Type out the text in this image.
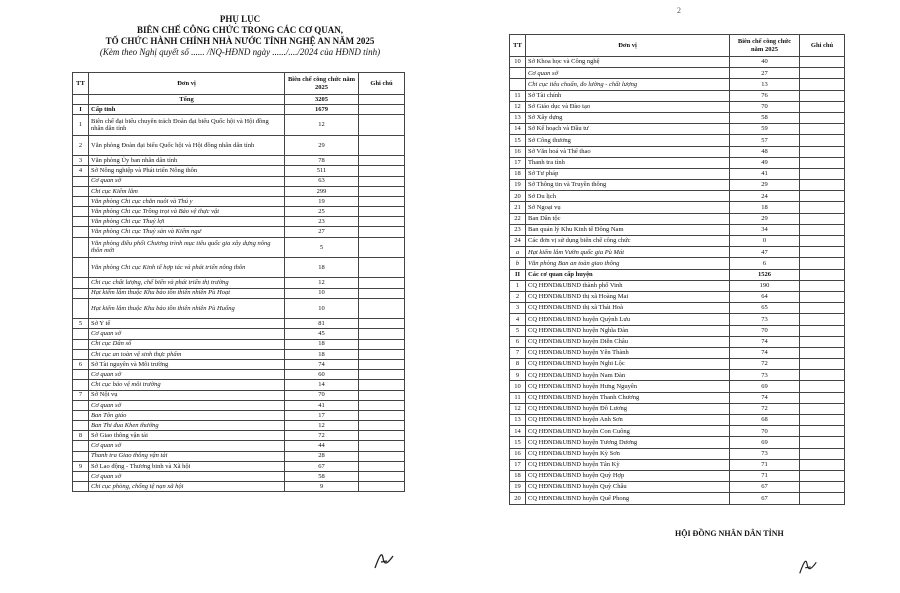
PHỤ LỤC
BIÊN CHẾ CÔNG CHỨC TRONG CÁC CƠ QUAN,
TỔ CHỨC HÀNH CHÍNH NHÀ NƯỚC TỈNH NGHỆ AN NĂM 2025
(Kèm theo Nghị quyết số ...... /NQ-HĐND ngày ....../..../2024 của HĐND tỉnh)
TT	Đơn vị	Biên chế công chức năm 2025	Ghi chú
	Tổng	3205	
I	Cấp tỉnh	1679	
1	Biên chế đại biểu chuyên trách Đoàn đại biểu Quốc hội và Hội đồng nhân dân tỉnh	12	
2	Văn phòng Đoàn đại biểu Quốc hội và Hội đồng nhân dân tỉnh	29	
3	Văn phòng Ủy ban nhân dân tỉnh	78	
4	Sở Nông nghiệp và Phát triển Nông thôn	511	
	Cơ quan sở	63	
	Chi cục Kiểm lâm	299	
	Văn phòng Chi cục chăn nuôi và Thú y	19	
	Văn phòng Chi cục Trồng trọt và Bảo vệ thực vật	25	
	Văn phòng Chi cục Thuỷ lợi	23	
	Văn phòng Chi cục Thuỷ sản và Kiểm ngư	27	
	Văn phòng điều phối Chương trình mục tiêu quốc gia xây dựng nông thôn mới	5	
	Văn phòng Chi cục Kinh tế hợp tác và phát triển nông thôn	18	
	Chi cục chất lượng, chế biến và phát triển thị trường	12	
	Hạt kiểm lâm thuộc Khu bảo tồn thiên nhiên Pù Hoạt	10	
	Hạt kiểm lâm thuộc Khu bảo tồn thiên nhiên Pù Huống	10	
5	Sở Y tế	81	
	Cơ quan sở	45	
	Chi cục Dân số	18	
	Chi cục an toàn vệ sinh thực phẩm	18	
6	Sở Tài nguyên và Môi trường	74	
	Cơ quan sở	60	
	Chi cục bảo vệ môi trường	14	
7	Sở Nội vụ	70	
	Cơ quan sở	41	
	Ban Tôn giáo	17	
	Ban Thi đua Khen thưởng	12	
8	Sở Giao thông vận tải	72	
	Cơ quan sở	44	
	Thanh tra Giao thông vận tải	28	
9	Sở Lao động - Thương binh và Xã hội	67	
	Cơ quan sở	58	
	Chi cục phòng, chống tệ nạn xã hội	9	
2
TT	Đơn vị	Biên chế công chức năm 2025	Ghi chú
10	Sở Khoa học và Công nghệ	40	
	Cơ quan sở	27	
	Chi cục tiêu chuẩn, đo lường - chất lượng	13	
11	Sở Tài chính	76	
12	Sở Giáo dục và Đào tạo	70	
13	Sở Xây dựng	58	
14	Sở Kế hoạch và Đầu tư	59	
15	Sở Công thương	57	
16	Sở Văn hoá và Thể thao	48	
17	Thanh tra tỉnh	49	
18	Sở Tư pháp	41	
19	Sở Thông tin và Truyền thông	29	
20	Sở Du lịch	24	
21	Sở Ngoại vụ	18	
22	Ban Dân tộc	29	
23	Ban quản lý Khu Kinh tế Đông Nam	34	
24	Các đơn vị sử dụng biên chế công chức	0	
a	Hạt kiểm lâm Vườn quốc gia Pù Mát	47	
b	Văn phòng Ban an toàn giao thông	6	
II	Các cơ quan cấp huyện	1526	
1	CQ HĐND&UBND thành phố Vinh	190	
2	CQ HĐND&UBND thị xã Hoàng Mai	64	
3	CQ HĐND&UBND thị xã Thái Hoà	65	
4	CQ HĐND&UBND huyện Quỳnh Lưu	73	
5	CQ HĐND&UBND huyện Nghĩa Đàn	70	
6	CQ HĐND&UBND huyện Diễn Châu	74	
7	CQ HĐND&UBND huyện Yên Thành	74	
8	CQ HĐND&UBND huyện Nghi Lộc	72	
9	CQ HĐND&UBND huyện Nam Đàn	73	
10	CQ HĐND&UBND huyện Hưng Nguyên	69	
11	CQ HĐND&UBND huyện Thanh Chương	74	
12	CQ HĐND&UBND huyện Đô Lương	72	
13	CQ HĐND&UBND huyện Anh Sơn	68	
14	CQ HĐND&UBND huyện Con Cuông	70	
15	CQ HĐND&UBND huyện Tương Dương	69	
16	CQ HĐND&UBND huyện Kỳ Sơn	73	
17	CQ HĐND&UBND huyện Tân Kỳ	71	
18	CQ HĐND&UBND huyện Quỳ Hợp	71	
19	CQ HĐND&UBND huyện Quỳ Châu	67	
20	CQ HĐND&UBND huyện Quế Phong	67	
HỘI ĐỒNG NHÂN DÂN TỈNH
